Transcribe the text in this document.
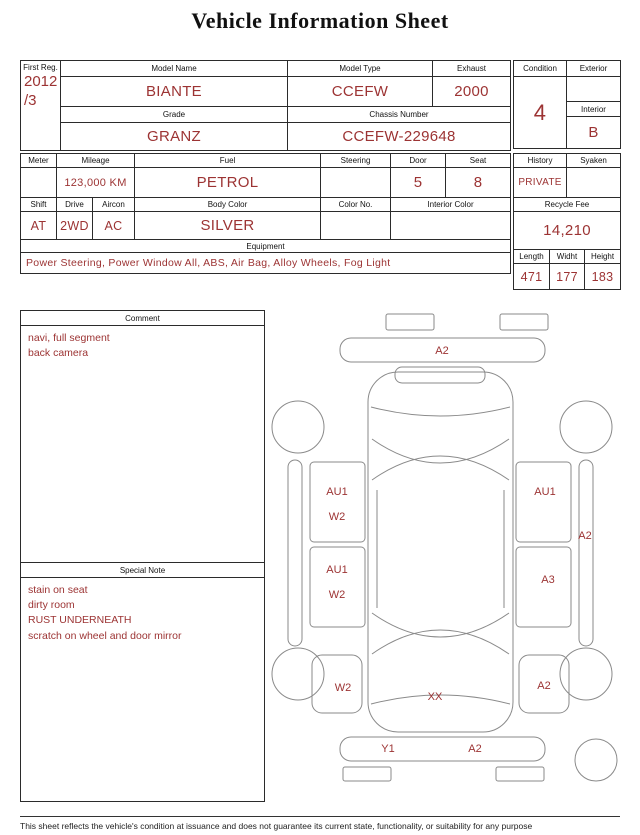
Vehicle Information Sheet
First Reg.
2012
/3	Model Name	Model Type	Exhaust
	BIANTE	CCEFW	2000
	Grade	Chassis Number	
	GRANZ	CCEFW-229648	
Condition	Exterior
4	
	Interior
	B
Meter	Mileage		Fuel	Steering	Door	Seat
	123,000 KM		PETROL		5	8
Shift	Drive	Aircon	Body Color	Color No.	Interior Color	
AT	2WD	AC	SILVER			
Equipment						
Power Steering, Power Window All, ABS, Air Bag, Alloy Wheels, Fog Light						
History		Syaken	
PRIVATE			
Recycle Fee			
14,210			
Length	Widht		Height
471	177		183
Comment
navi, full segment
back camera
Special Note
stain on seat
dirty room
RUST UNDERNEATH
scratch on wheel and door mirror
A2
AU1
W2
AU1
A2
AU1
W2
A3
W2
XX
A2
Y1	A2
This sheet reflects the vehicle's condition at issuance and does not guarantee its current state, functionality, or suitability for any purpose
